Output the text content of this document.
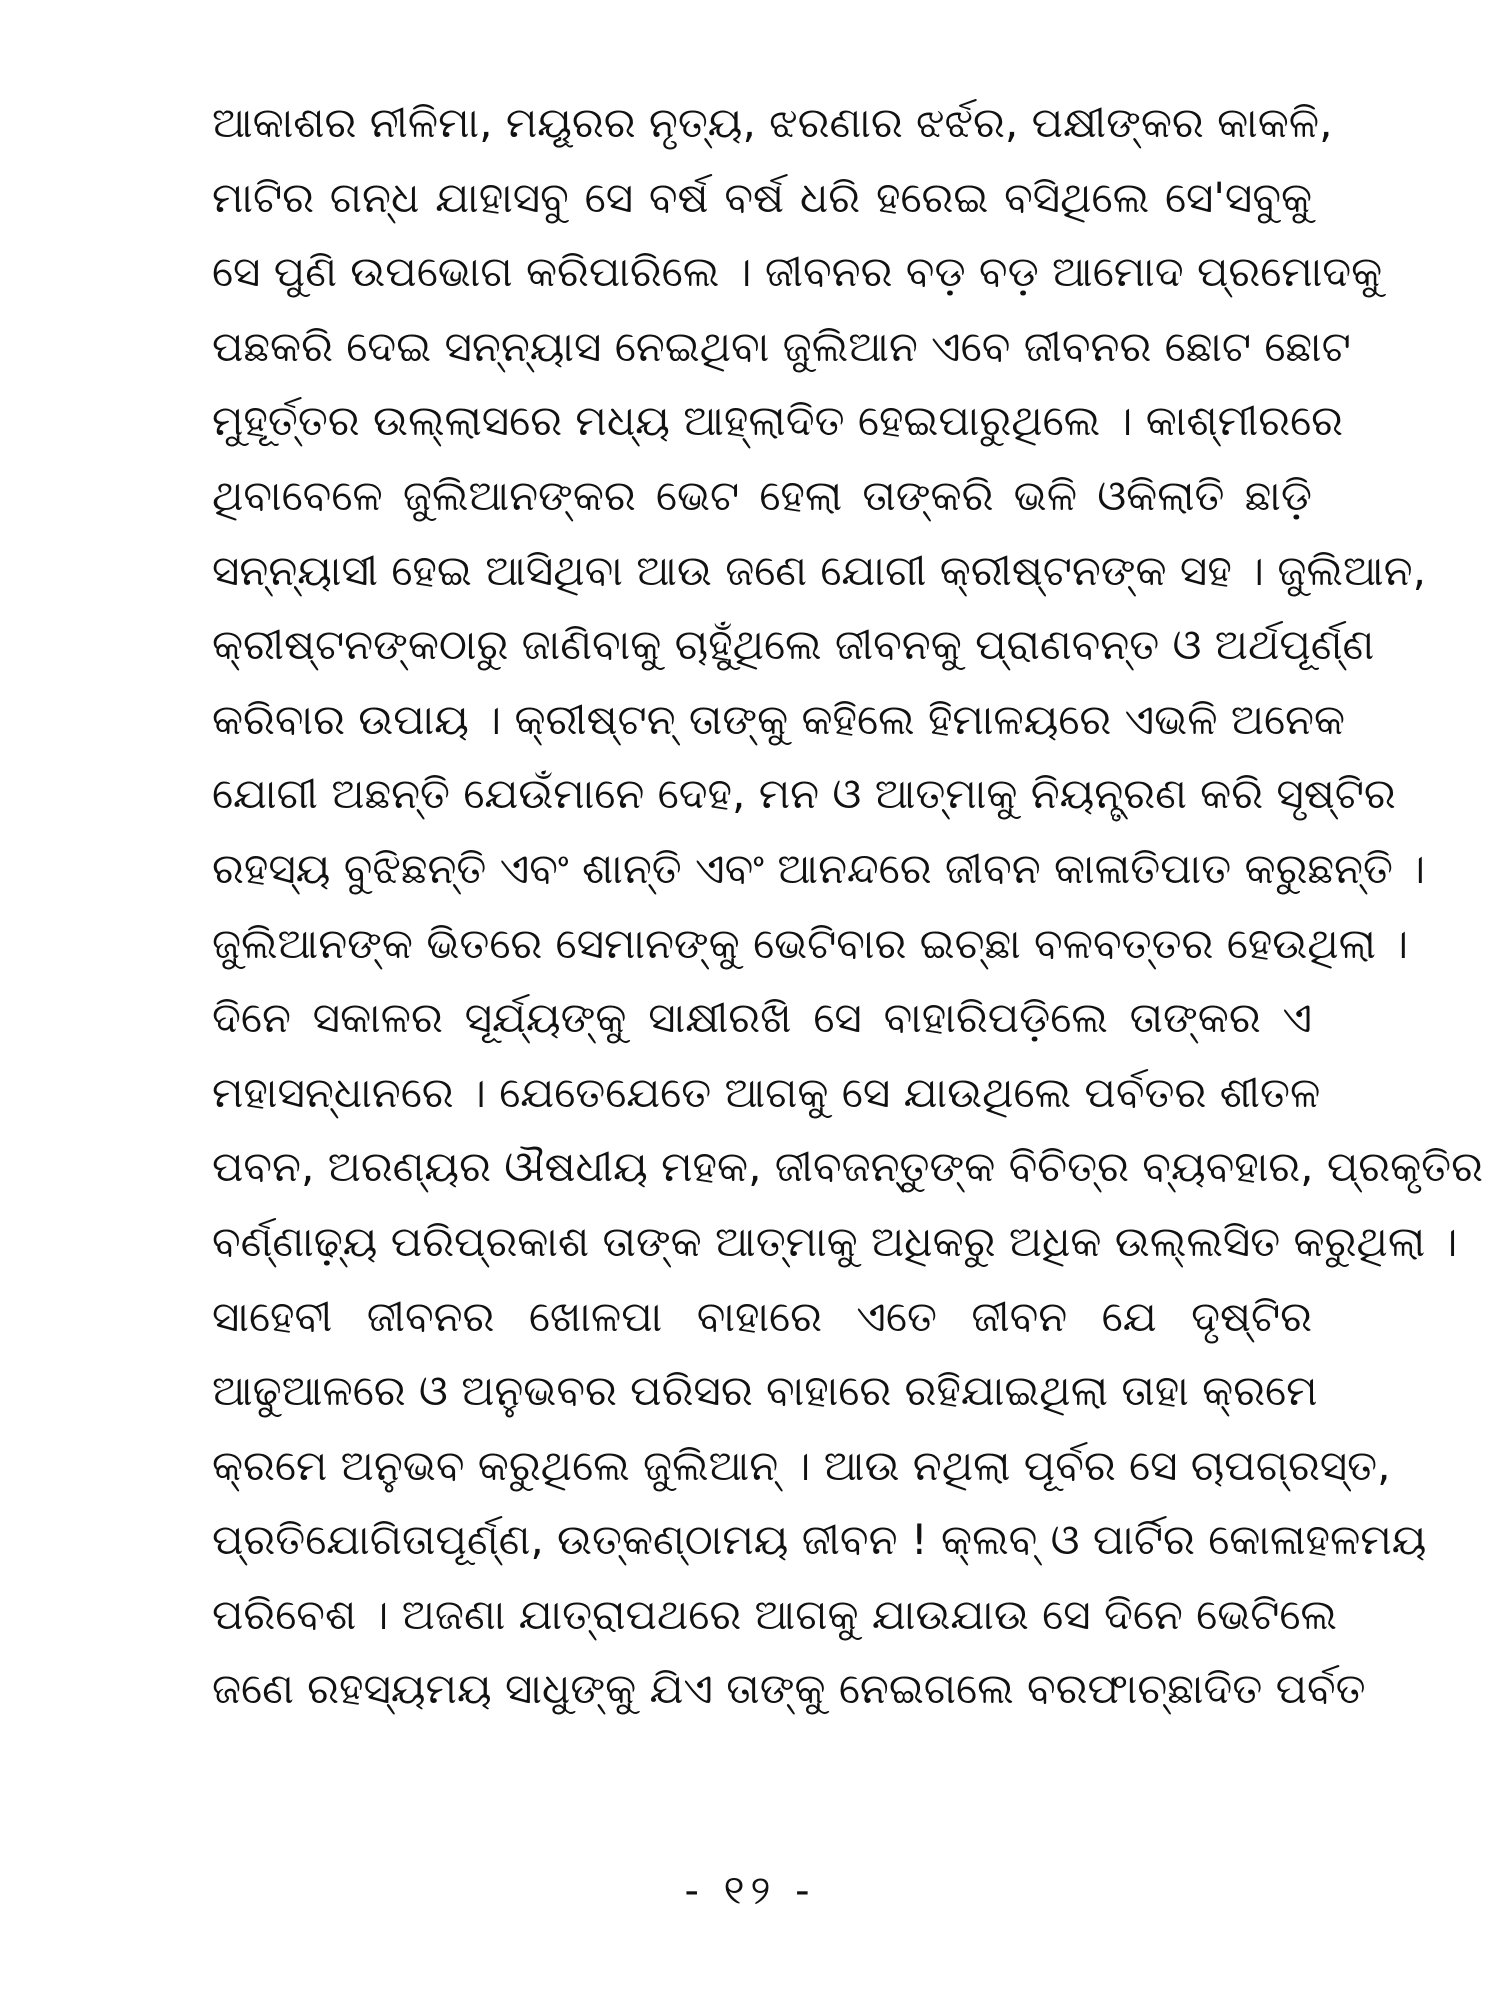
ଆକାଶର ନୀଳିମା, ମୟୂରର ନୃତ୍ୟ, ଝରଣାର ଝର୍ଝର, ପକ୍ଷୀଙ୍କର କାକଳି,
ମାଟିର ଗନ୍ଧ ଯାହାସବୁ ସେ ବର୍ଷ ବର୍ଷ ଧରି ହରେଇ ବସିଥିଲେ ସେ'ସବୁକୁ
ସେ ପୁଣି ଉପଭୋଗ କରିପାରିଲେ । ଜୀବନର ବଡ଼ ବଡ଼ ଆମୋଦ ପ୍ରମୋଦକୁ
ପଛକରି ଦେଇ ସନ୍ନ୍ୟାସ ନେଇଥିବା ଜୁଲିଆନ ଏବେ ଜୀବନର ଛୋଟ ଛୋଟ
ମୁହୂର୍ତ୍ତର ଉଲ୍ଲାସରେ ମଧ୍ୟ ଆହ୍ଲାଦିତ ହେଇପାରୁଥିଲେ । କାଶ୍ମୀରରେ
ଥିବାବେଳେ ଜୁଲିଆନଙ୍କର ଭେଟ ହେଲା ତାଙ୍କରି ଭଳି ଓକିଲାତି ଛାଡ଼ି
ସନ୍ନ୍ୟାସୀ ହେଇ ଆସିଥିବା ଆଉ ଜଣେ ଯୋଗୀ କ୍ରୀଷ୍ଟନଙ୍କ ସହ । ଜୁଲିଆନ,
କ୍ରୀଷ୍ଟନଙ୍କଠାରୁ ଜାଣିବାକୁ ଚାହୁଁଥିଲେ ଜୀବନକୁ ପ୍ରାଣବନ୍ତ ଓ ଅର୍ଥପୂର୍ଣ୍ଣ
କରିବାର ଉପାୟ । କ୍ରୀଷ୍ଟନ୍ ତାଙ୍କୁ କହିଲେ ହିମାଳୟରେ ଏଭଳି ଅନେକ
ଯୋଗୀ ଅଛନ୍ତି ଯେଉଁମାନେ ଦେହ, ମନ ଓ ଆତ୍ମାକୁ ନିୟନ୍ତ୍ରଣ କରି ସୃଷ୍ଟିର
ରହସ୍ୟ ବୁଝିଛନ୍ତି ଏବଂ ଶାନ୍ତି ଏବଂ ଆନନ୍ଦରେ ଜୀବନ କାଳାତିପାତ କରୁଛନ୍ତି ।
ଜୁଲିଆନଙ୍କ ଭିତରେ ସେମାନଙ୍କୁ ଭେଟିବାର ଇଚ୍ଛା ବଳବତ୍ତର ହେଉଥିଲା ।
ଦିନେ ସକାଳର ସୂର୍ଯ୍ୟଙ୍କୁ ସାକ୍ଷୀରଖି ସେ ବାହାରିପଡ଼ିଲେ ତାଙ୍କର ଏ
ମହାସନ୍ଧାନରେ । ଯେତେଯେତେ ଆଗକୁ ସେ ଯାଉଥିଲେ ପର୍ବତର ଶୀତଳ
ପବନ, ଅରଣ୍ୟର ଔଷଧୀୟ ମହକ, ଜୀବଜନ୍ତୁଙ୍କ ବିଚିତ୍ର ବ୍ୟବହାର, ପ୍ରକୃତିର
ବର୍ଣ୍ଣାଢ଼୍ୟ ପରିପ୍ରକାଶ ତାଙ୍କ ଆତ୍ମାକୁ ଅଧିକରୁ ଅଧିକ ଉଲ୍ଲସିତ କରୁଥିଲା ।
ସାହେବୀ ଜୀବନର ଖୋଳପା ବାହାରେ ଏତେ ଜୀବନ ଯେ ଦୃଷ୍ଟିର
ଆଢୁଆଳରେ ଓ ଅନୁଭବର ପରିସର ବାହାରେ ରହିଯାଇଥିଲା ତାହା କ୍ରମେ
କ୍ରମେ ଅନୁଭବ କରୁଥିଲେ ଜୁଲିଆନ୍ । ଆଉ ନଥିଲା ପୂର୍ବର ସେ ଚାପଗ୍ରସ୍ତ,
ପ୍ରତିଯୋଗିତାପୂର୍ଣ୍ଣ, ଉତ୍କଣ୍ଠାମୟ ଜୀବନ ! କ୍ଲବ୍ ଓ ପାର୍ଟିର କୋଳାହଳମୟ
ପରିବେଶ । ଅଜଣା ଯାତ୍ରାପଥରେ ଆଗକୁ ଯାଉଯାଉ ସେ ଦିନେ ଭେଟିଲେ
ଜଣେ ରହସ୍ୟମୟ ସାଧୁଙ୍କୁ ଯିଏ ତାଙ୍କୁ ନେଇଗଲେ ବରଫାଚ୍ଛାଦିତ ପର୍ବତ
- ୧୨ -
